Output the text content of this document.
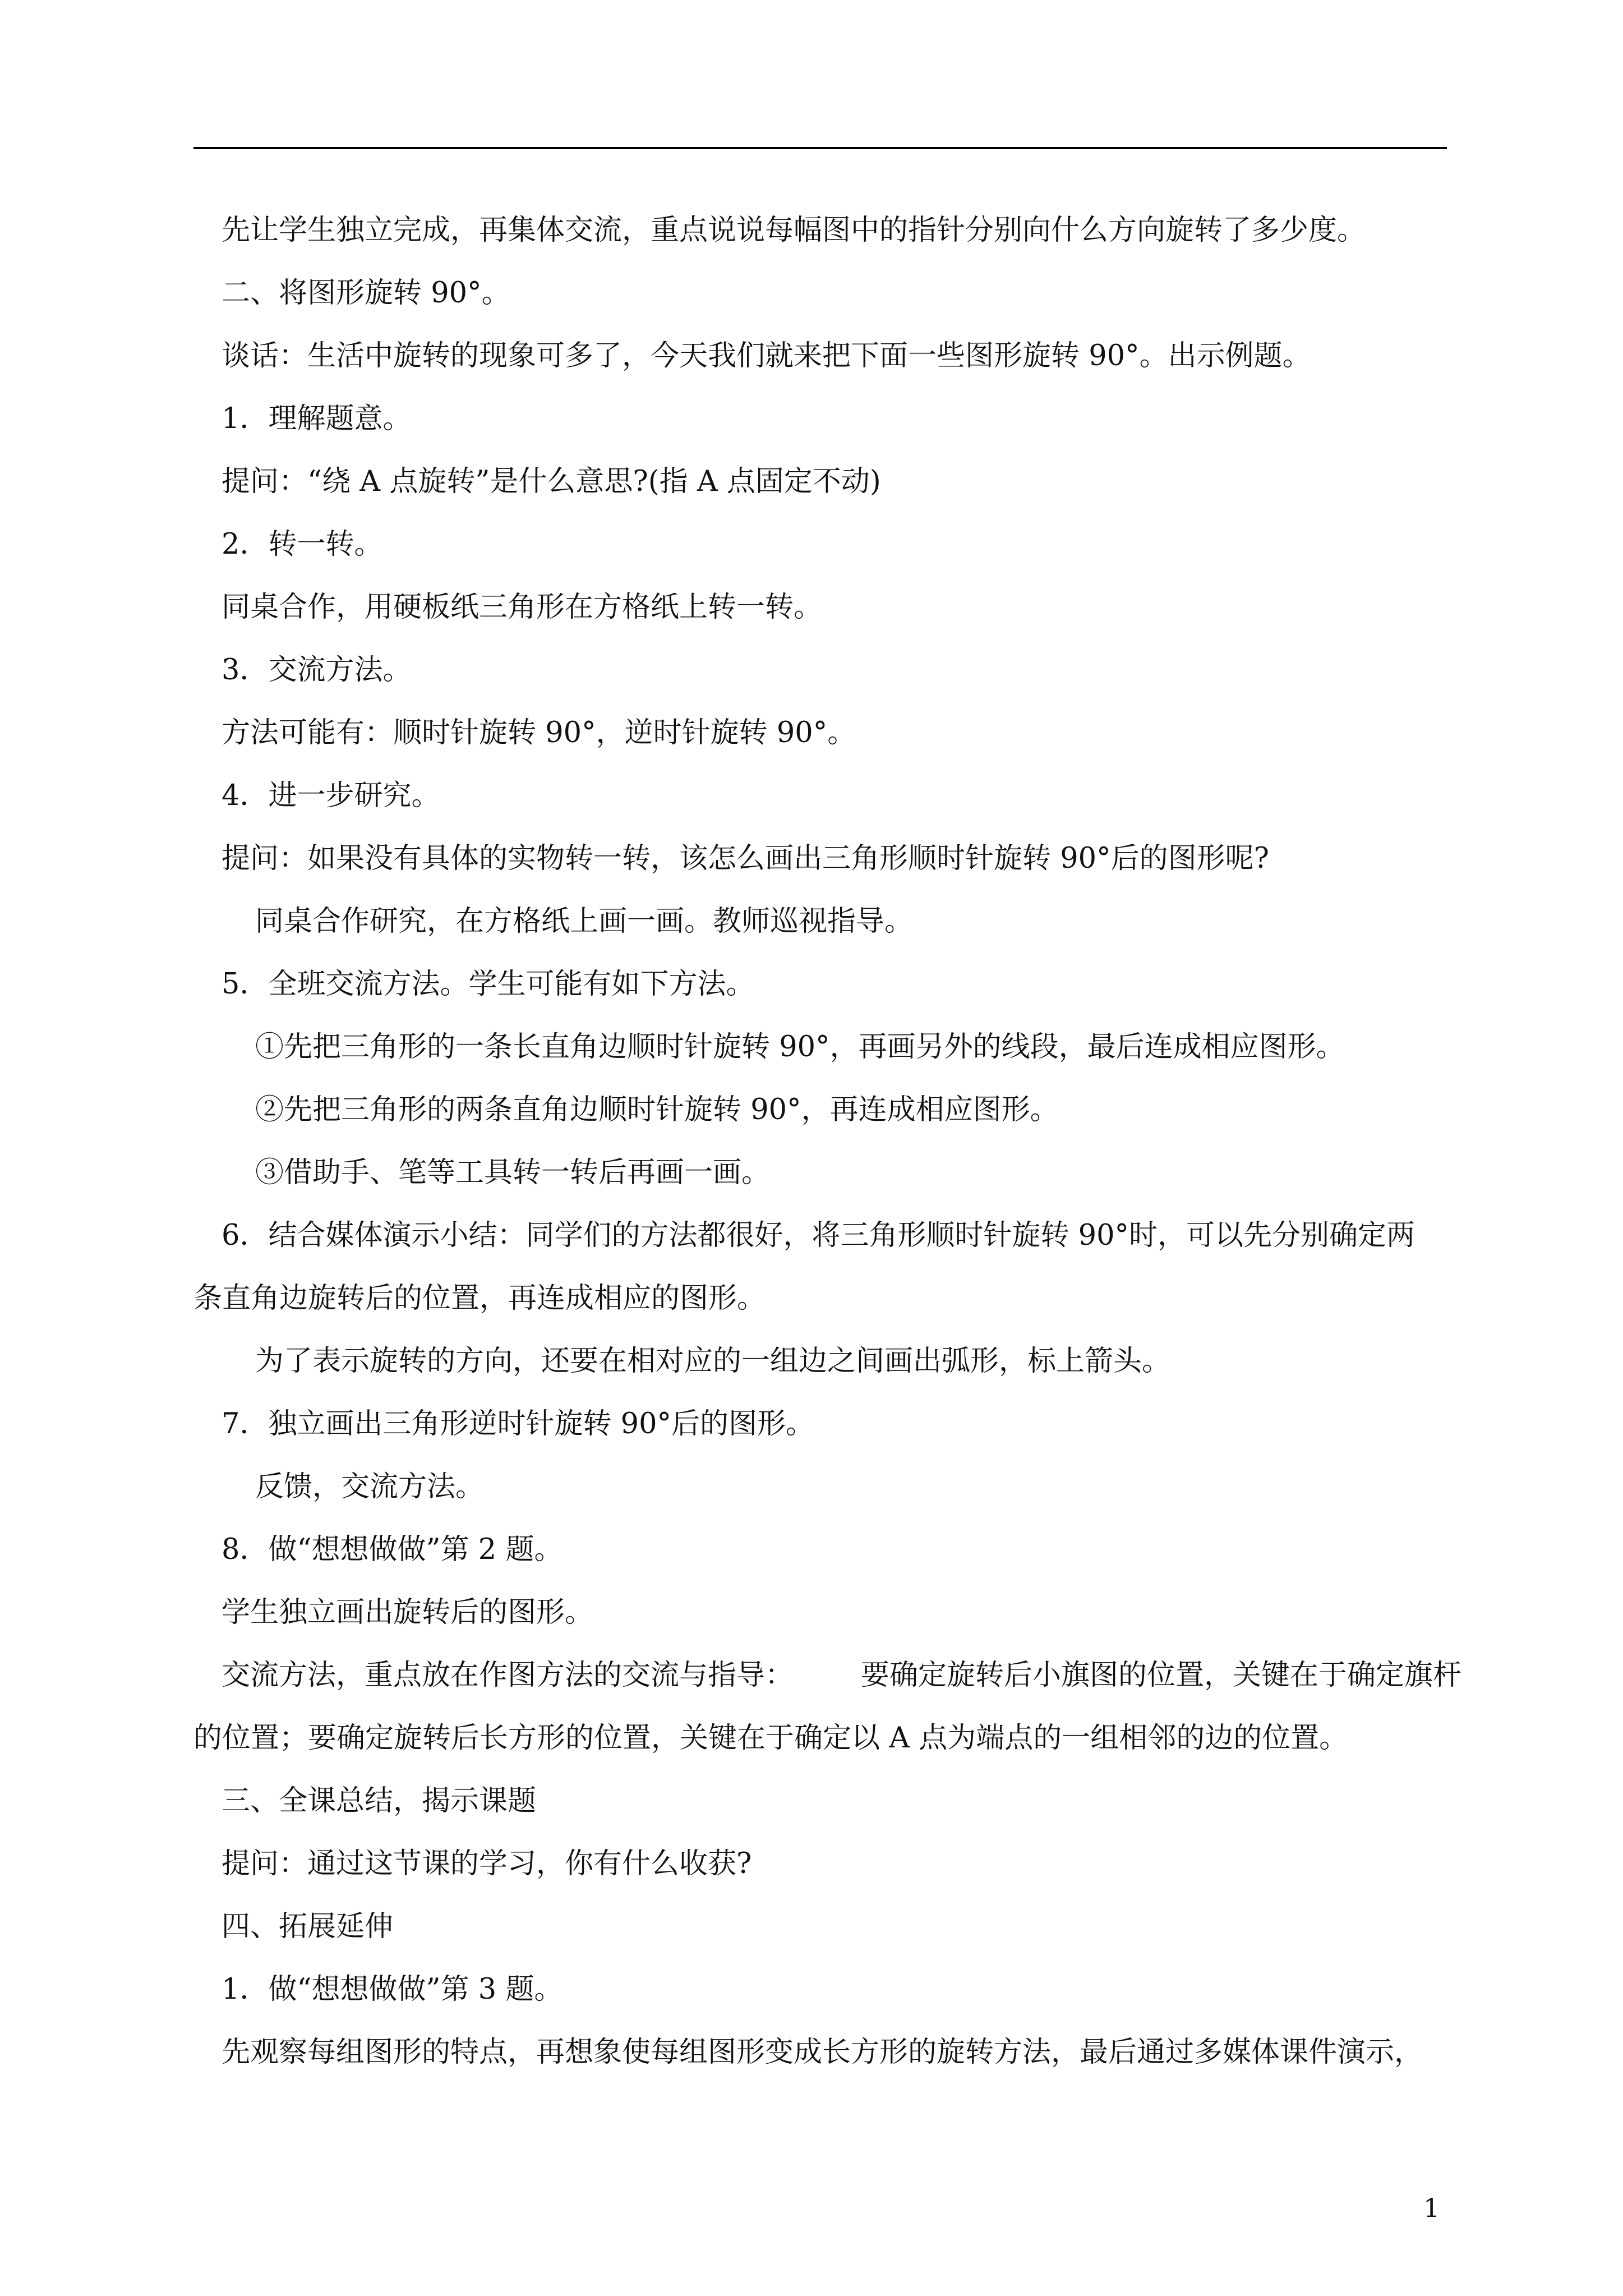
先让学生独立完成，再集体交流，重点说说每幅图中的指针分别向什么方向旋转了多少度。
二、将图形旋转 90°。
谈话：生活中旋转的现象可多了，今天我们就来把下面一些图形旋转 90°。出示例题。
1．理解题意。
提问：“绕 A 点旋转”是什么意思?(指 A 点固定不动)
2．转一转。
同桌合作，用硬板纸三角形在方格纸上转一转。
3．交流方法。
方法可能有：顺时针旋转 90°，逆时针旋转 90°。
4．进一步研究。
提问：如果没有具体的实物转一转，该怎么画出三角形顺时针旋转 90°后的图形呢?
同桌合作研究，在方格纸上画一画。教师巡视指导。
5．全班交流方法。学生可能有如下方法。
①先把三角形的一条长直角边顺时针旋转 90°，再画另外的线段，最后连成相应图形。
②先把三角形的两条直角边顺时针旋转 90°，再连成相应图形。
③借助手、笔等工具转一转后再画一画。
6．结合媒体演示小结：同学们的方法都很好，将三角形顺时针旋转 90°时，可以先分别确定两
条直角边旋转后的位置，再连成相应的图形。
为了表示旋转的方向，还要在相对应的一组边之间画出弧形，标上箭头。
7．独立画出三角形逆时针旋转 90°后的图形。
反馈，交流方法。
8．做“想想做做”第 2 题。
学生独立画出旋转后的图形。
交流方法，重点放在作图方法的交流与指导： 要确定旋转后小旗图的位置，关键在于确定旗杆
的位置；要确定旋转后长方形的位置，关键在于确定以 A 点为端点的一组相邻的边的位置。
三、全课总结，揭示课题
提问：通过这节课的学习，你有什么收获?
四、拓展延伸
1．做“想想做做”第 3 题。
先观察每组图形的特点，再想象使每组图形变成长方形的旋转方法，最后通过多媒体课件演示，
1
